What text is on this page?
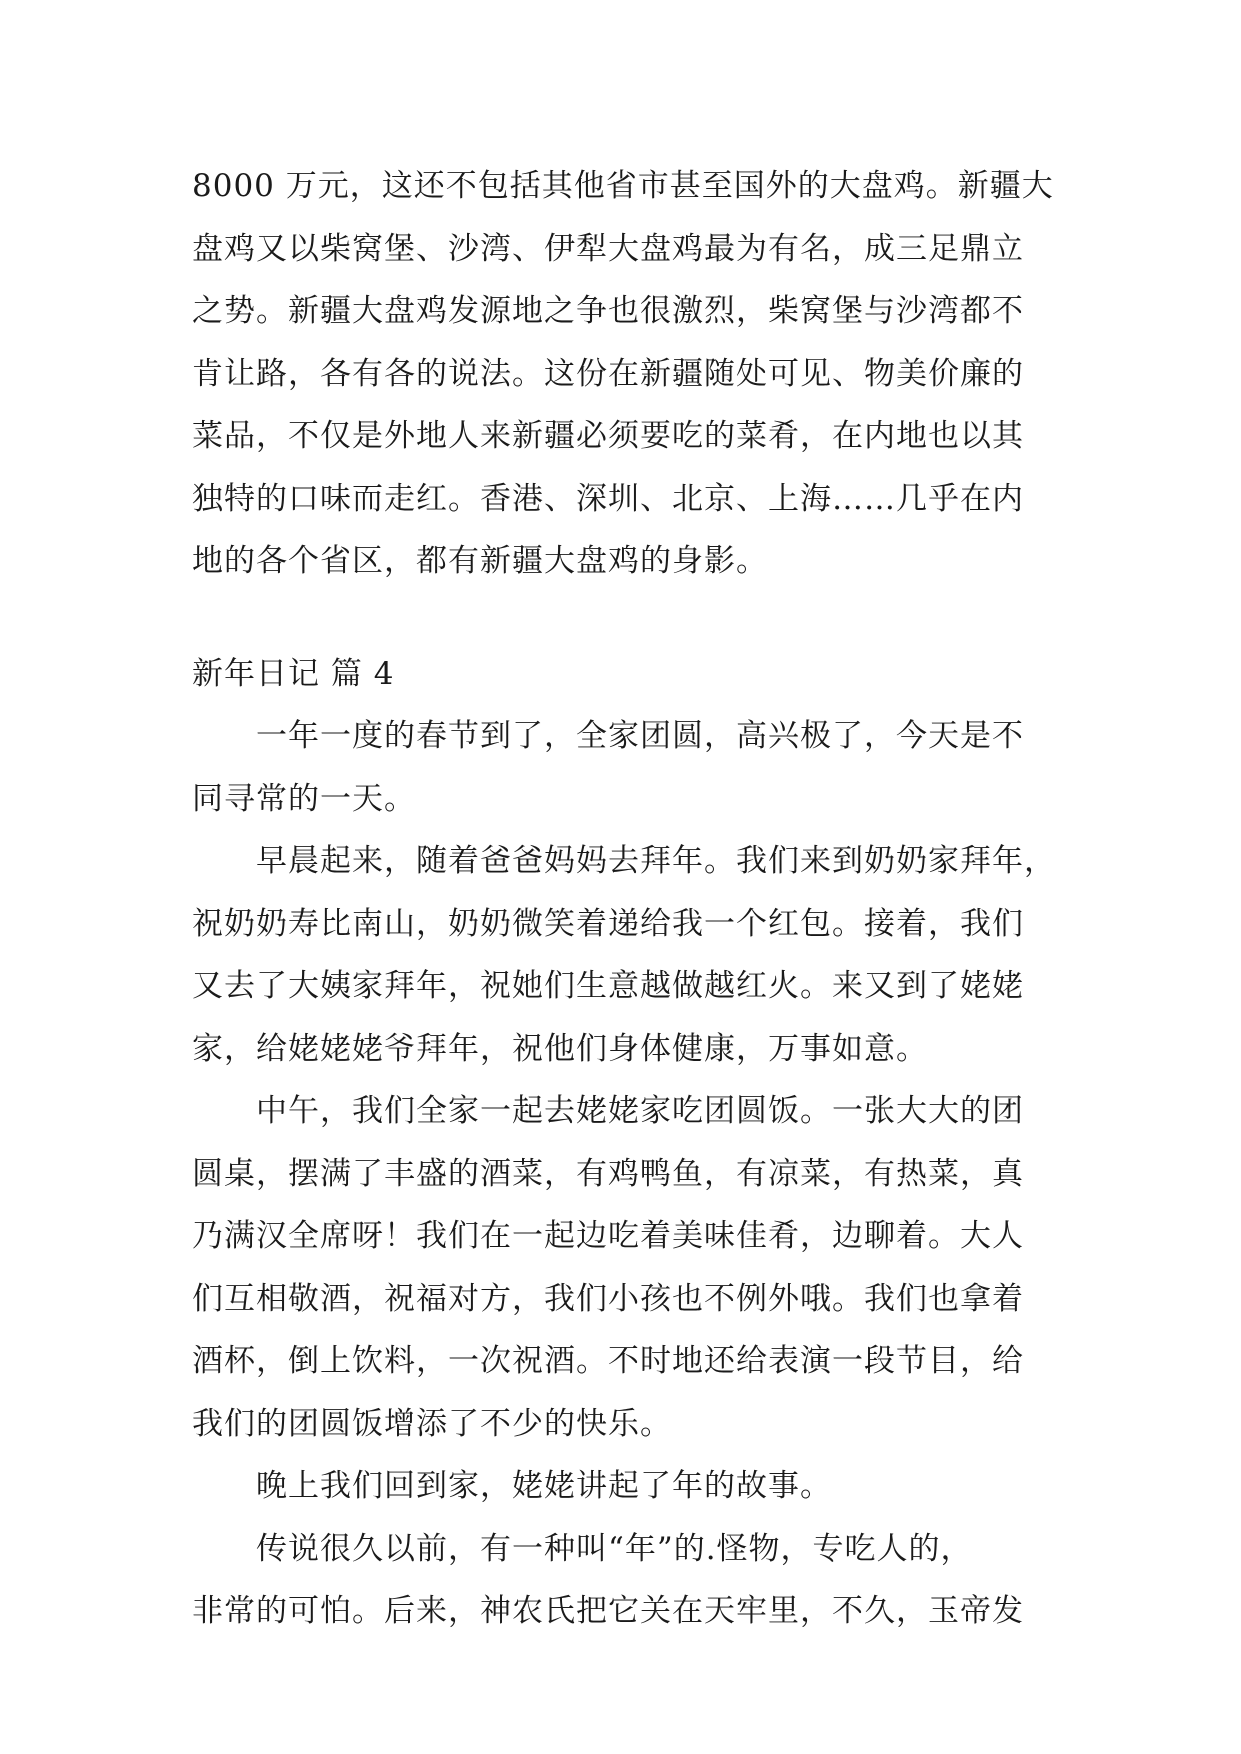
8000 万元，这还不包括其他省市甚至国外的大盘鸡。新疆大
盘鸡又以柴窝堡、沙湾、伊犁大盘鸡最为有名，成三足鼎立
之势。新疆大盘鸡发源地之争也很激烈，柴窝堡与沙湾都不
肯让路，各有各的说法。这份在新疆随处可见、物美价廉的
菜品，不仅是外地人来新疆必须要吃的菜肴，在内地也以其
独特的口味而走红。香港、深圳、北京、上海……几乎在内
地的各个省区，都有新疆大盘鸡的身影。
新年日记 篇 4
一年一度的春节到了，全家团圆，高兴极了，今天是不
同寻常的一天。
早晨起来，随着爸爸妈妈去拜年。我们来到奶奶家拜年，
祝奶奶寿比南山，奶奶微笑着递给我一个红包。接着，我们
又去了大姨家拜年，祝她们生意越做越红火。来又到了姥姥
家，给姥姥姥爷拜年，祝他们身体健康，万事如意。
中午，我们全家一起去姥姥家吃团圆饭。一张大大的团
圆桌，摆满了丰盛的酒菜，有鸡鸭鱼，有凉菜，有热菜，真
乃满汉全席呀！我们在一起边吃着美味佳肴，边聊着。大人
们互相敬酒，祝福对方，我们小孩也不例外哦。我们也拿着
酒杯，倒上饮料，一次祝酒。不时地还给表演一段节目，给
我们的团圆饭增添了不少的快乐。
晚上我们回到家，姥姥讲起了年的故事。
传说很久以前，有一种叫“年”的.怪物，专吃人的，
非常的可怕。后来，神农氏把它关在天牢里，不久，玉帝发
